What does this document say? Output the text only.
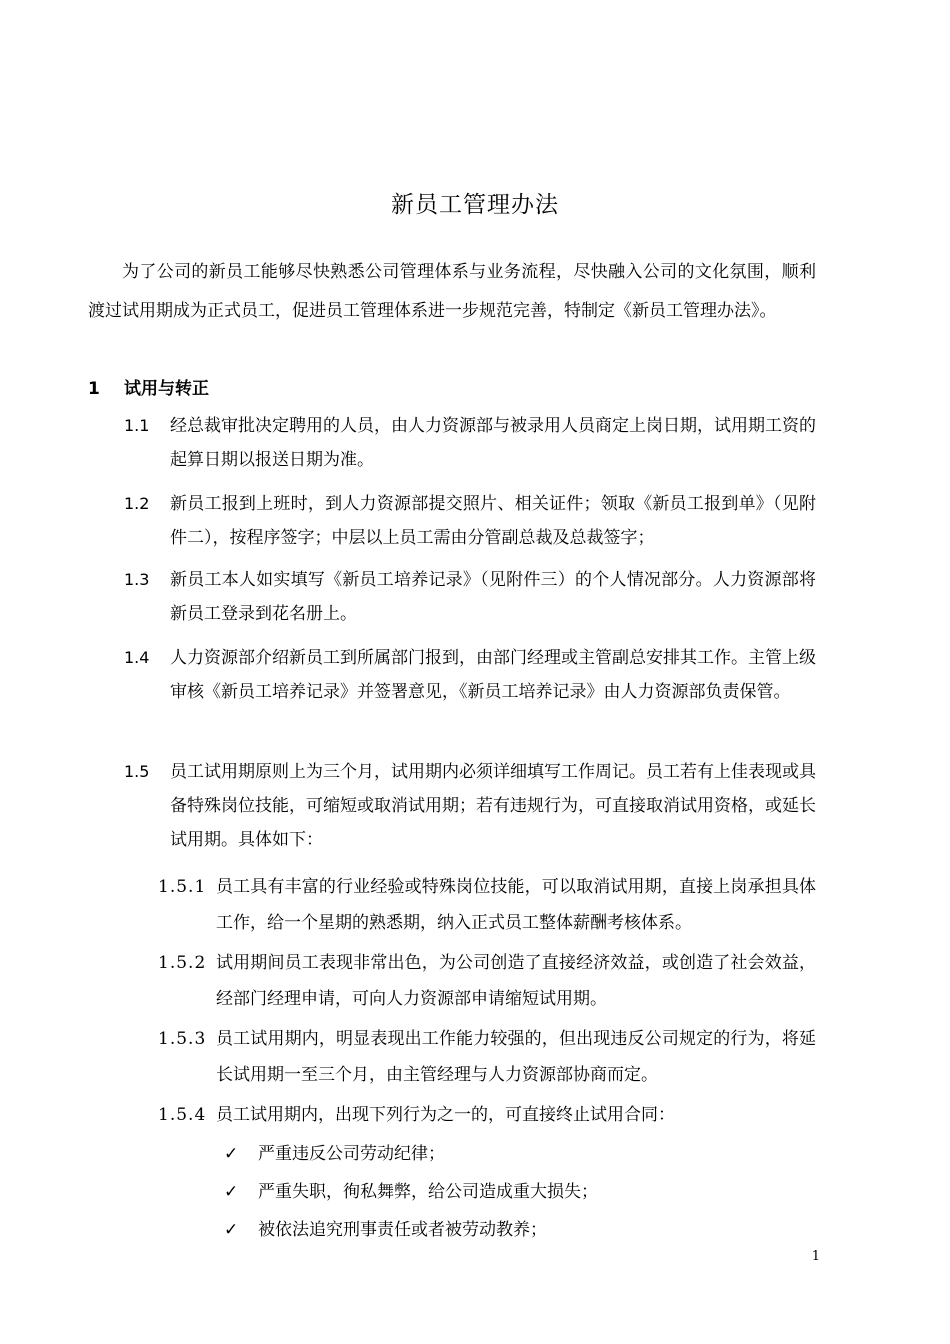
新员工管理办法
为了公司的新员工能够尽快熟悉公司管理体系与业务流程，尽快融入公司的文化氛围，顺利渡过试用期成为正式员工，促进员工管理体系进一步规范完善，特制定《新员工管理办法》。
1 试用与转正
1.1 经总裁审批决定聘用的人员，由人力资源部与被录用人员商定上岗日期，试用期工资的起算日期以报送日期为准。
1.2 新员工报到上班时，到人力资源部提交照片、相关证件；领取《新员工报到单》（见附件二），按程序签字；中层以上员工需由分管副总裁及总裁签字；
1.3 新员工本人如实填写《新员工培养记录》（见附件三）的个人情况部分。人力资源部将新员工登录到花名册上。
1.4 人力资源部介绍新员工到所属部门报到，由部门经理或主管副总安排其工作。主管上级审核《新员工培养记录》并签署意见，《新员工培养记录》由人力资源部负责保管。
1.5 员工试用期原则上为三个月，试用期内必须详细填写工作周记。员工若有上佳表现或具备特殊岗位技能，可缩短或取消试用期；若有违规行为，可直接取消试用资格，或延长试用期。具体如下：
1.5.1 员工具有丰富的行业经验或特殊岗位技能，可以取消试用期，直接上岗承担具体工作，给一个星期的熟悉期，纳入正式员工整体薪酬考核体系。
1.5.2 试用期间员工表现非常出色，为公司创造了直接经济效益，或创造了社会效益，经部门经理申请，可向人力资源部申请缩短试用期。
1.5.3 员工试用期内，明显表现出工作能力较强的，但出现违反公司规定的行为，将延长试用期一至三个月，由主管经理与人力资源部协商而定。
1.5.4 员工试用期内，出现下列行为之一的，可直接终止试用合同：
✓ 严重违反公司劳动纪律；
✓ 严重失职，徇私舞弊，给公司造成重大损失；
✓ 被依法追究刑事责任或者被劳动教养；
1
